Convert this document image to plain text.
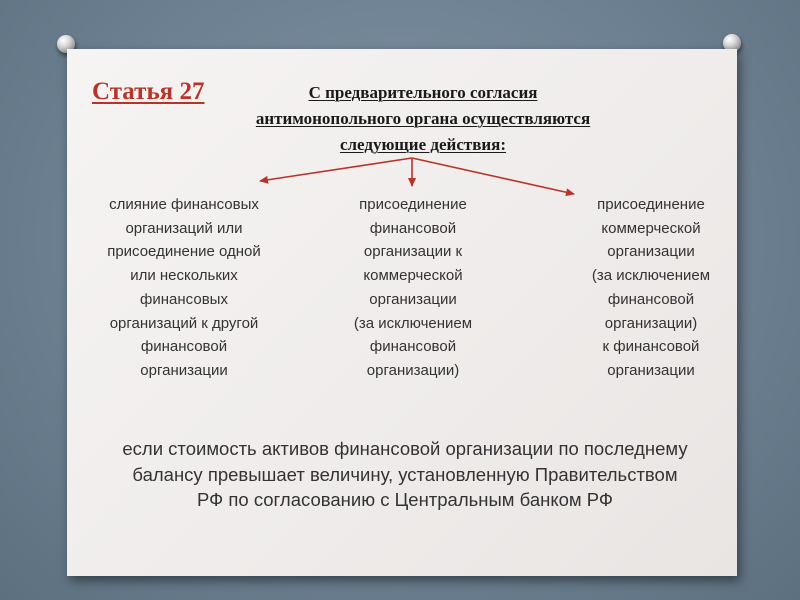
Статья 27	С предварительного согласия
антимонопольного органа осуществляются
следующие действия:
слияние финансовых
организаций или
присоединение одной
или нескольких
финансовых
организаций к другой
финансовой
организации
присоединение
финансовой
организации к
коммерческой
организации
(за исключением
финансовой
организации)
присоединение
коммерческой
организации
(за исключением
финансовой
организации)
к финансовой
организации

если стоимость активов финансовой организации по последнему
балансу превышает величину, установленную Правительством
РФ по согласованию с Центральным банком РФ
